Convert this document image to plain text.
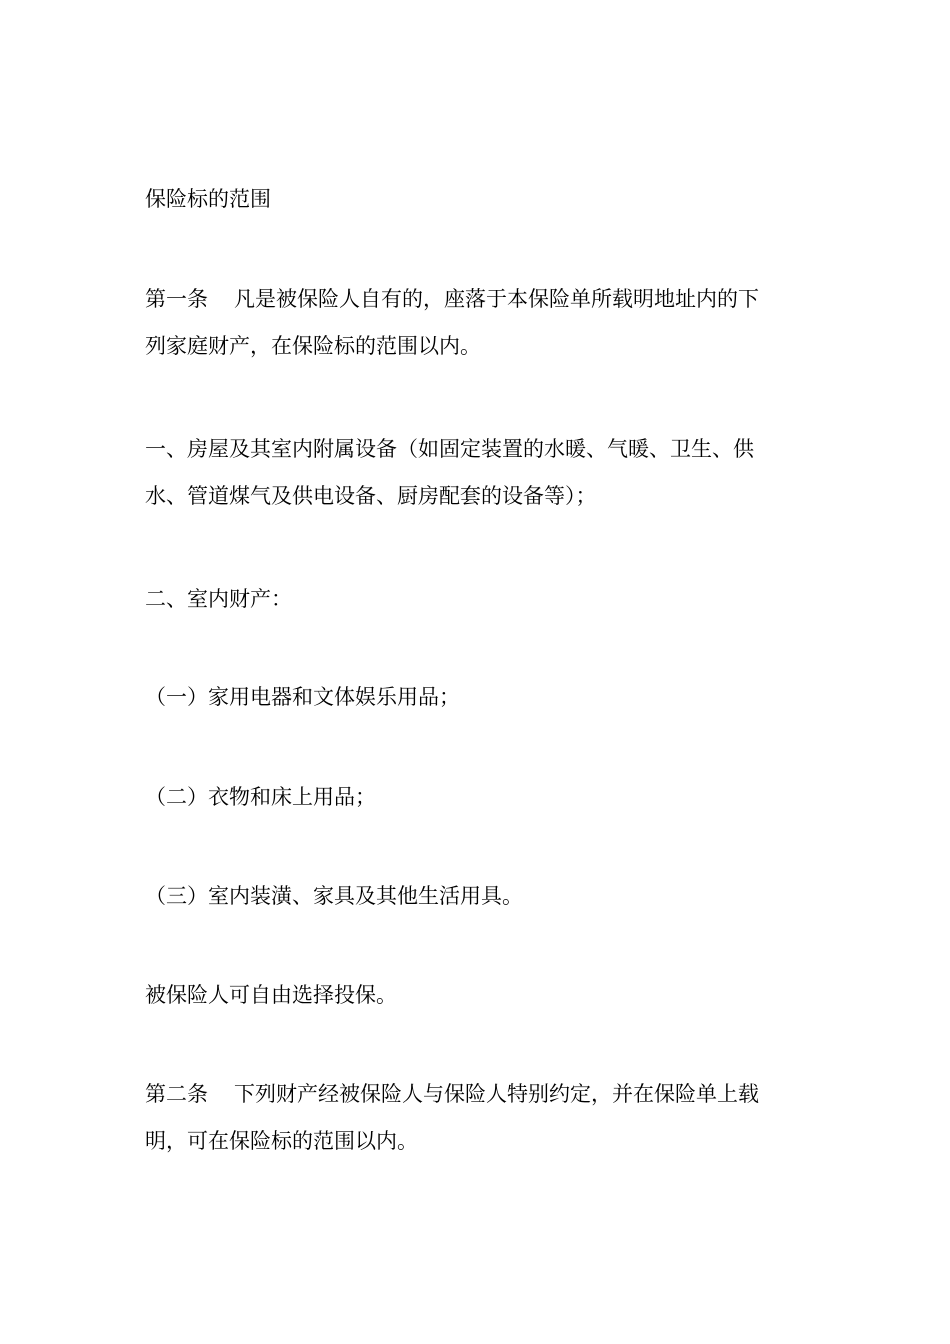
保险标的范围

第一条 凡是被保险人自有的，座落于本保险单所载明地址内的下
列家庭财产，在保险标的范围以内。

一、房屋及其室内附属设备（如固定装置的水暖、气暖、卫生、供
水、管道煤气及供电设备、厨房配套的设备等）；

二、室内财产：

（一）家用电器和文体娱乐用品；

（二）衣物和床上用品；

（三）室内装潢、家具及其他生活用具。

被保险人可自由选择投保。

第二条 下列财产经被保险人与保险人特别约定，并在保险单上载
明，可在保险标的范围以内。
